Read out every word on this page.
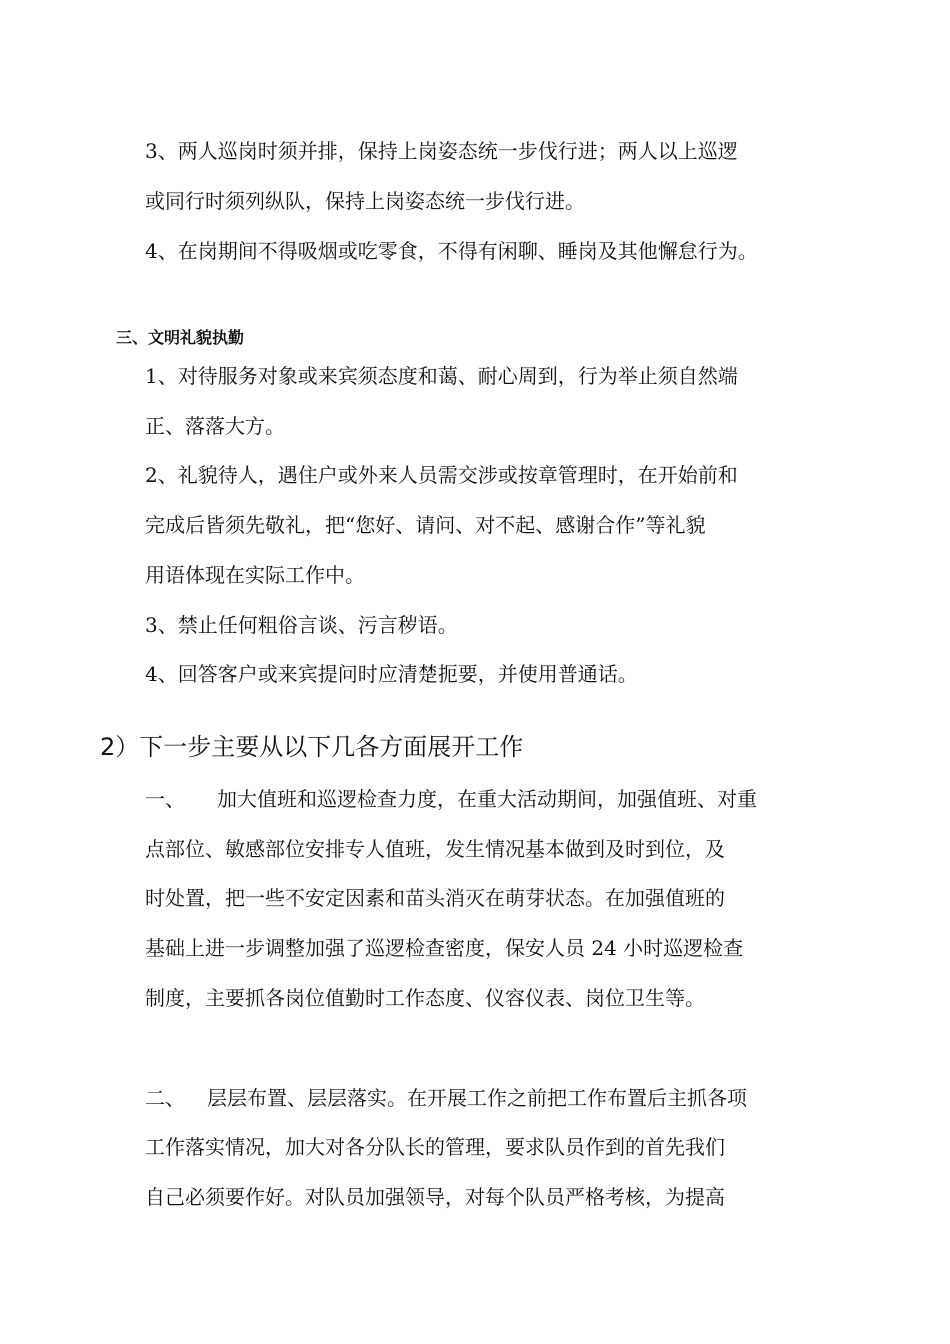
3、两人巡岗时须并排，保持上岗姿态统一步伐行进；两人以上巡逻
或同行时须列纵队，保持上岗姿态统一步伐行进。
4、在岗期间不得吸烟或吃零食，不得有闲聊、睡岗及其他懈怠行为。
三、文明礼貌执勤
1、对待服务对象或来宾须态度和蔼、耐心周到，行为举止须自然端
正、落落大方。
2、礼貌待人，遇住户或外来人员需交涉或按章管理时，在开始前和
完成后皆须先敬礼，把“您好、请问、对不起、感谢合作”等礼貌
用语体现在实际工作中。
3、禁止任何粗俗言谈、污言秽语。
4、回答客户或来宾提问时应清楚扼要，并使用普通话。
2）下一步主要从以下几各方面展开工作
一、 加大值班和巡逻检查力度，在重大活动期间，加强值班、对重
点部位、敏感部位安排专人值班，发生情况基本做到及时到位，及
时处置，把一些不安定因素和苗头消灭在萌芽状态。在加强值班的
基础上进一步调整加强了巡逻检查密度，保安人员 24 小时巡逻检查
制度，主要抓各岗位值勤时工作态度、仪容仪表、岗位卫生等。
二、 层层布置、层层落实。在开展工作之前把工作布置后主抓各项
工作落实情况，加大对各分队长的管理，要求队员作到的首先我们
自己必须要作好。对队员加强领导，对每个队员严格考核，为提高
